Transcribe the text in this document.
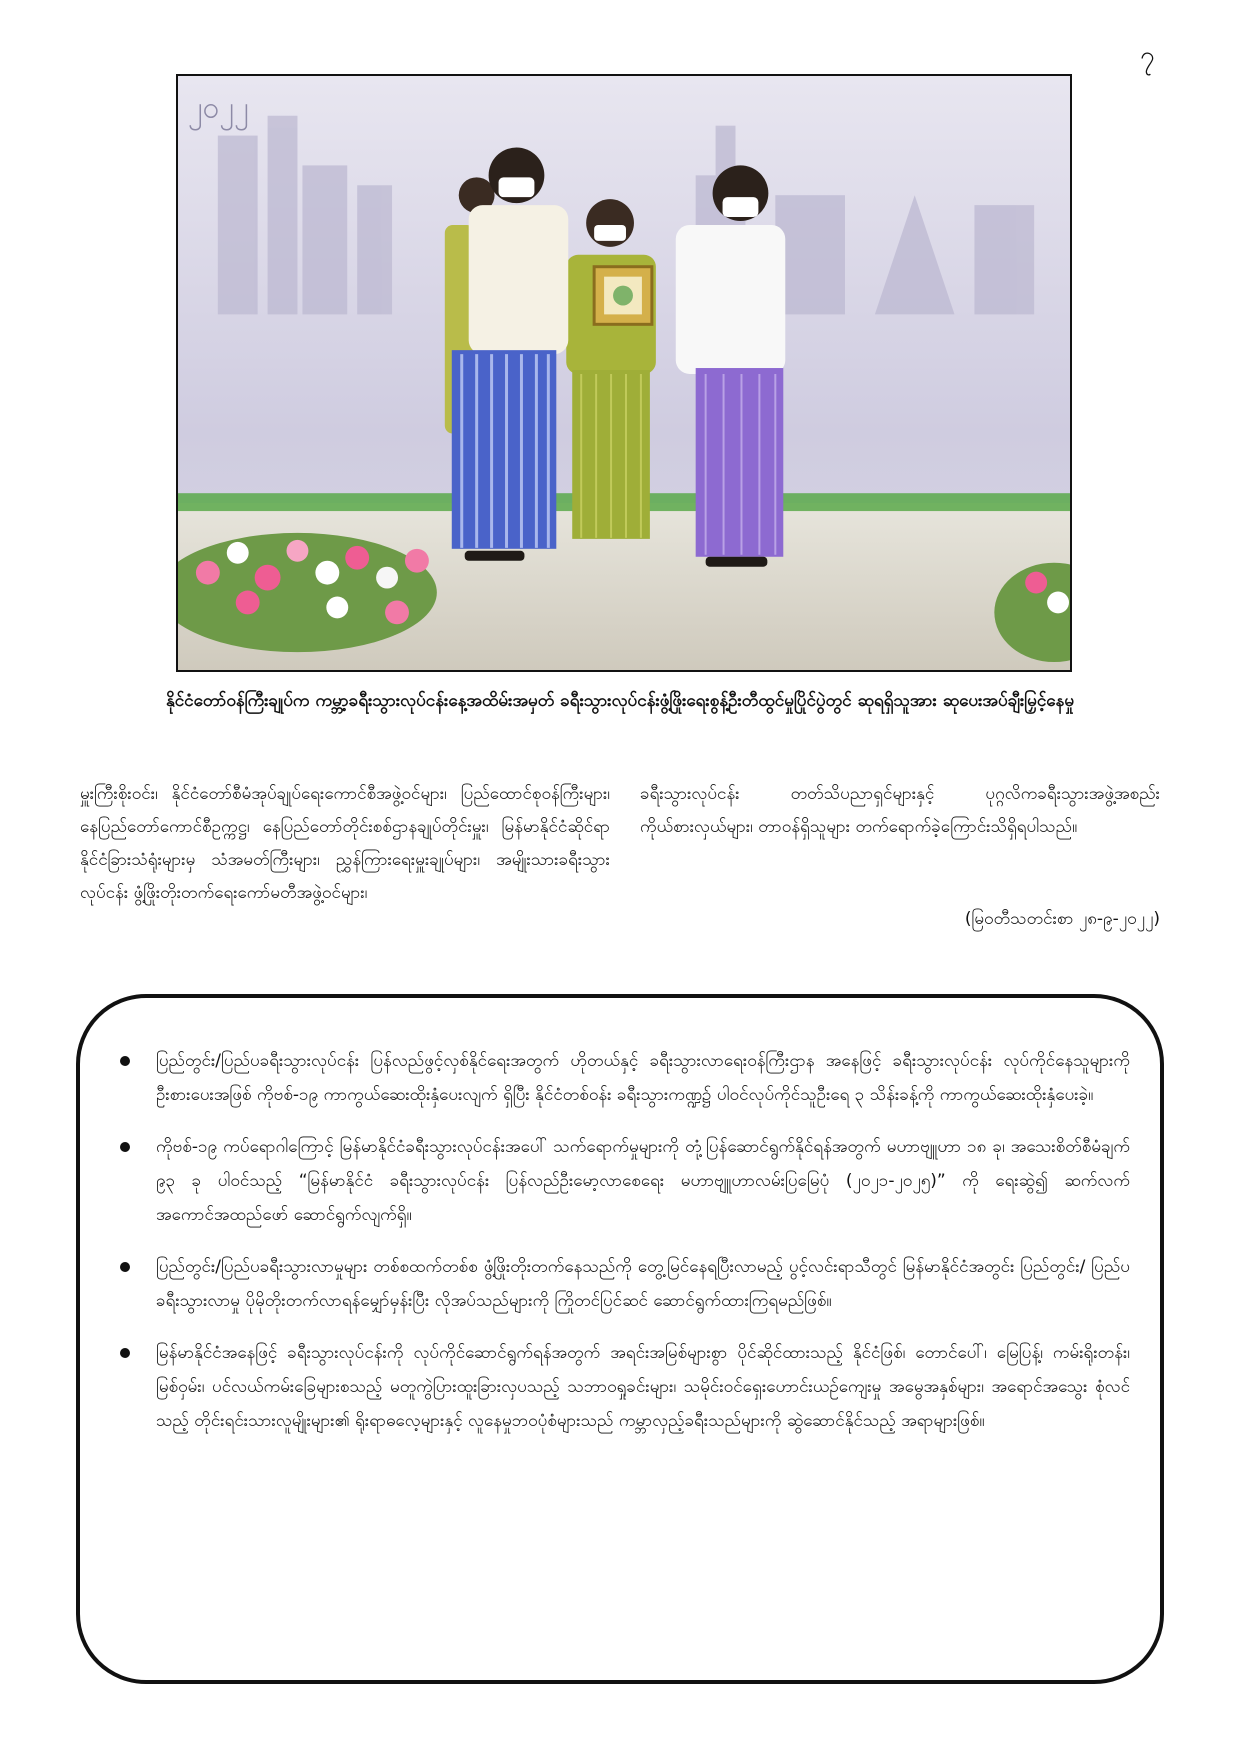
၇
၂၀၂၂
နိုင်ငံတော်ဝန်ကြီးချုပ်က ကမ္ဘာ့ခရီးသွားလုပ်ငန်းနေ့အထိမ်းအမှတ် ခရီးသွားလုပ်ငန်းဖွံ့ဖြိုးရေးစွန့်ဦးတီထွင်မှုပြိုင်ပွဲတွင် ဆုရရှိသူအား ဆုပေးအပ်ချီးမြှင့်နေမှု
မှူးကြီးစိုးဝင်း၊ နိုင်ငံတော်စီမံအုပ်ချုပ်ရေးကောင်စီအဖွဲ့ဝင်များ၊ ပြည်ထောင်စုဝန်ကြီးများ၊ နေပြည်တော်ကောင်စီဥက္ကဋ္ဌ၊ နေပြည်တော်တိုင်းစစ်ဌာနချုပ်တိုင်းမှူး၊ မြန်မာနိုင်ငံဆိုင်ရာ နိုင်ငံခြားသံရုံးများမှ သံအမတ်ကြီးများ၊ ညွှန်ကြားရေးမှူးချုပ်များ၊ အမျိုးသားခရီးသွားလုပ်ငန်း ဖွံ့ဖြိုးတိုးတက်ရေးကော်မတီအဖွဲ့ဝင်များ၊
ခရီးသွားလုပ်ငန်း တတ်သိပညာရှင်များနှင့် ပုဂ္ဂလိကခရီးသွားအဖွဲ့အစည်း ကိုယ်စားလှယ်များ၊ တာဝန်ရှိသူများ တက်ရောက်ခဲ့ကြောင်းသိရှိရပါသည်။
(မြဝတီသတင်းစာ ၂၈-၉-၂၀၂၂)
ပြည်တွင်း/ပြည်ပခရီးသွားလုပ်ငန်း ပြန်လည်ဖွင့်လှစ်နိုင်ရေးအတွက် ဟိုတယ်နှင့် ခရီးသွားလာရေးဝန်ကြီးဌာန အနေဖြင့် ခရီးသွားလုပ်ငန်း လုပ်ကိုင်နေသူများကို ဦးစားပေးအဖြစ် ကိုဗစ်-၁၉ ကာကွယ်ဆေးထိုးနှံပေးလျက် ရှိပြီး နိုင်ငံတစ်ဝန်း ခရီးသွားကဏ္ဍ၌ ပါဝင်လုပ်ကိုင်သူဦးရေ ၃ သိန်းခန့်ကို ကာကွယ်ဆေးထိုးနှံပေးခဲ့။
ကိုဗစ်-၁၉ ကပ်ရောဂါကြောင့် မြန်မာနိုင်ငံခရီးသွားလုပ်ငန်းအပေါ် သက်ရောက်မှုများကို တုံ့ပြန်ဆောင်ရွက်နိုင်ရန်အတွက် မဟာဗျူဟာ ၁၈ ခု၊ အသေးစိတ်စီမံချက် ၉၃ ခု ပါဝင်သည့် “မြန်မာနိုင်ငံ ခရီးသွားလုပ်ငန်း ပြန်လည်ဦးမော့လာစေရေး မဟာဗျူဟာလမ်းပြမြေပုံ (၂၀၂၁-၂၀၂၅)” ကို ရေးဆွဲ၍ ဆက်လက်အကောင်အထည်ဖော် ဆောင်ရွက်လျက်ရှိ။
ပြည်တွင်း/ပြည်ပခရီးသွားလာမှုများ တစ်စထက်တစ်စ ဖွံ့ဖြိုးတိုးတက်နေသည်ကို တွေ့မြင်နေရပြီးလာမည့် ပွင့်လင်းရာသီတွင် မြန်မာနိုင်ငံအတွင်း ပြည်တွင်း/ ပြည်ပခရီးသွားလာမှု ပိုမိုတိုးတက်လာရန်မျှော်မှန်းပြီး လိုအပ်သည်များကို ကြိုတင်ပြင်ဆင် ဆောင်ရွက်ထားကြရမည်ဖြစ်။
မြန်မာနိုင်ငံအနေဖြင့် ခရီးသွားလုပ်ငန်းကို လုပ်ကိုင်ဆောင်ရွက်ရန်အတွက် အရင်းအမြစ်များစွာ ပိုင်ဆိုင်ထားသည့် နိုင်ငံဖြစ်၊ တောင်ပေါ်၊ မြေပြန့်၊ ကမ်းရိုးတန်း၊ မြစ်ဝှမ်း၊ ပင်လယ်ကမ်းခြေများစသည့် မတူကွဲပြားထူးခြားလှပသည့် သဘာဝရှုခင်းများ၊ သမိုင်းဝင်ရှေးဟောင်းယဉ်ကျေးမှု အမွေအနှစ်များ၊ အရောင်အသွေး စုံလင်သည့် တိုင်းရင်းသားလူမျိုးများ၏ ရိုးရာဓလေ့များနှင့် လူနေမှုဘဝပုံစံများသည် ကမ္ဘာလှည့်ခရီးသည်များကို ဆွဲဆောင်နိုင်သည့် အရာများဖြစ်။
